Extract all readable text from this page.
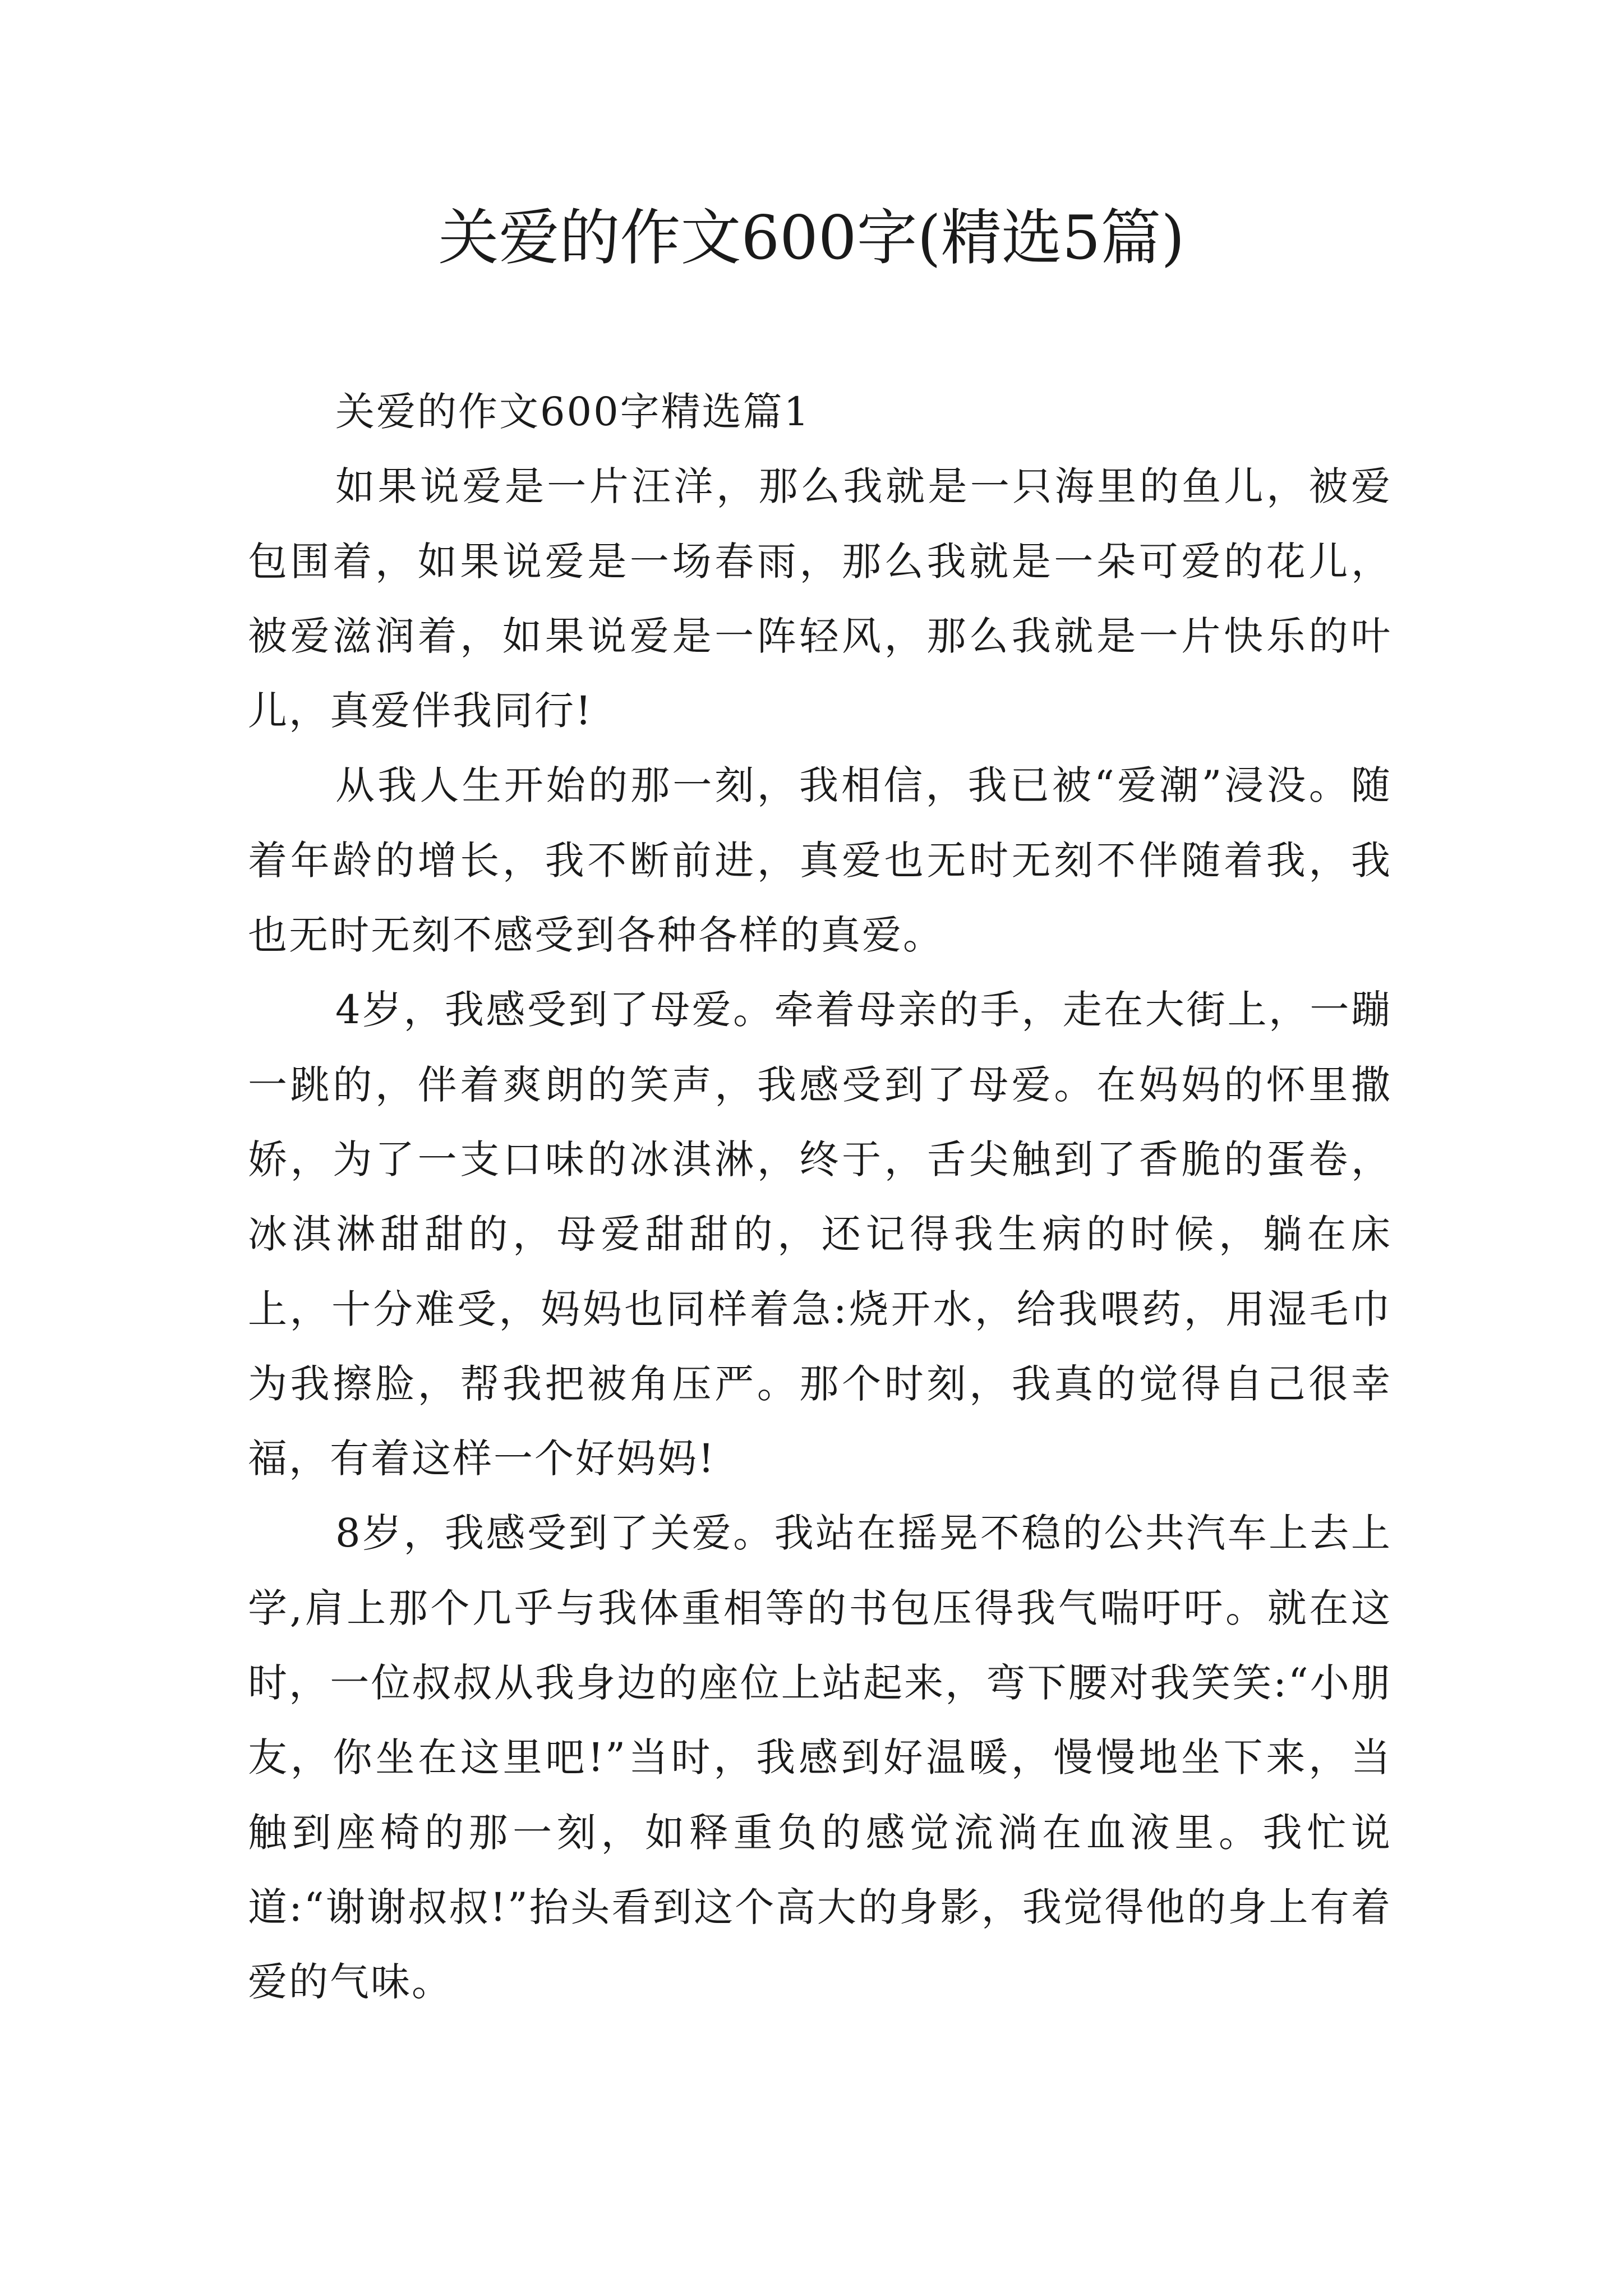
关爱的作文600字(精选5篇)
关爱的作文600字精选篇1

如果说爱是一片汪洋，那么我就是一只海里的鱼儿，被爱包围着，如果说爱是一场春雨，那么我就是一朵可爱的花儿，被爱滋润着，如果说爱是一阵轻风，那么我就是一片快乐的叶儿，真爱伴我同行!

从我人生开始的那一刻，我相信，我已被“爱潮”浸没。随着年龄的增长，我不断前进，真爱也无时无刻不伴随着我，我也无时无刻不感受到各种各样的真爱。

4岁，我感受到了母爱。牵着母亲的手，走在大街上，一蹦一跳的，伴着爽朗的笑声，我感受到了母爱。在妈妈的怀里撒娇，为了一支口味的冰淇淋，终于，舌尖触到了香脆的蛋卷，冰淇淋甜甜的，母爱甜甜的，还记得我生病的时候，躺在床上，十分难受，妈妈也同样着急:烧开水，给我喂药，用湿毛巾为我擦脸，帮我把被角压严。那个时刻，我真的觉得自己很幸福，有着这样一个好妈妈!

8岁，我感受到了关爱。我站在摇晃不稳的公共汽车上去上学,肩上那个几乎与我体重相等的书包压得我气喘吁吁。就在这时，一位叔叔从我身边的座位上站起来，弯下腰对我笑笑:“小朋友，你坐在这里吧!”当时，我感到好温暖，慢慢地坐下来，当触到座椅的那一刻，如释重负的感觉流淌在血液里。我忙说道:“谢谢叔叔!”抬头看到这个高大的身影，我觉得他的身上有着爱的气味。
